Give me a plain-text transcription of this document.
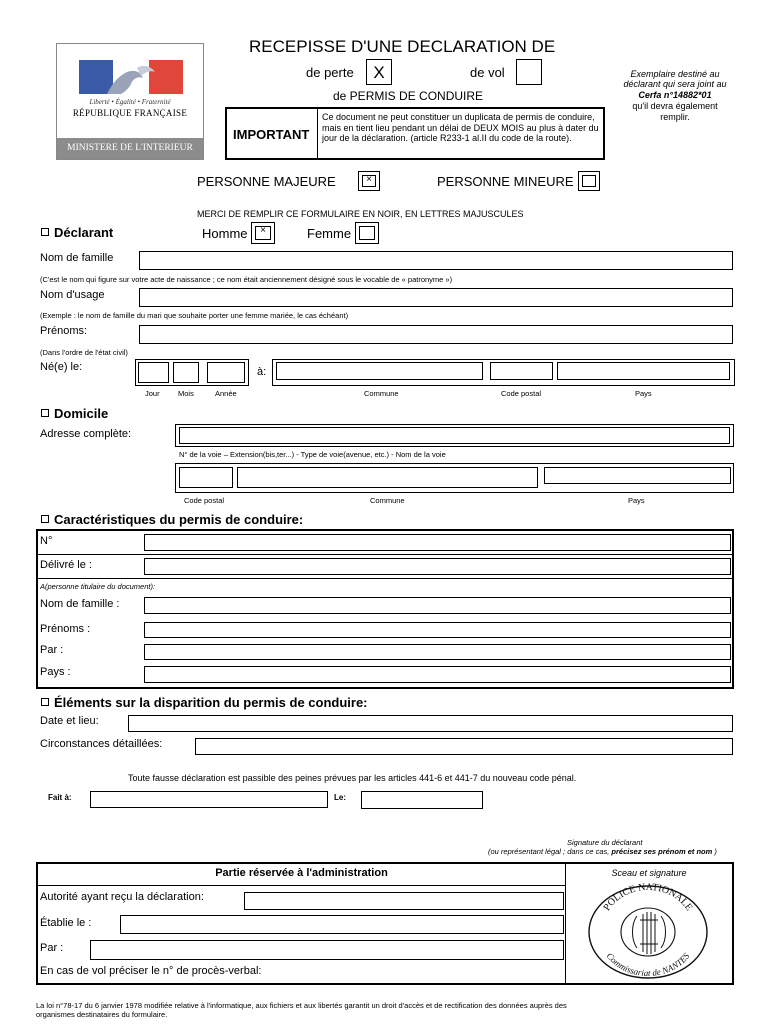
Liberté • Égalité • Fraternité
RÉPUBLIQUE FRANÇAISE
MINISTERE DE L'INTERIEUR
RECEPISSE D'UNE DECLARATION DE
de perte	X	de vol
de PERMIS DE CONDUIRE
IMPORTANT
Ce document ne peut constituer un duplicata de permis de conduire, mais en tient lieu pendant un délai de DEUX MOIS au plus à dater du jour de la déclaration. (article R233-1 al.II du code de la route).
Exemplaire destiné au
déclarant qui sera joint au
Cerfa n°14882*01
qu'il devra également
remplir.
PERSONNE MAJEURE	×	PERSONNE MINEURE
MERCI DE REMPLIR CE FORMULAIRE EN NOIR, EN LETTRES MAJUSCULES
Déclarant	Homme	×	Femme
Nom de famille
(C'est le nom qui figure sur votre acte de naissance ; ce nom était anciennement désigné sous le vocable de « patronyme »)
Nom d'usage
(Exemple : le nom de famille du mari que souhaite porter une femme mariée, le cas échéant)
Prénoms:
(Dans l'ordre de l'état civil)
Né(e) le:	à:
Jour Mois	Année	Commune	Code postal	Pays
Domicile
Adresse complète:
N° de la voie – Extension(bis,ter...) - Type de voie(avenue, etc.) - Nom de la voie
Code postal	Commune	Pays
Caractéristiques du permis de conduire:
N°
Délivré le :
A(personne titulaire du document):
Nom de famille :
Prénoms :
Par :
Pays :
Éléments sur la disparition du permis de conduire:
Date et lieu:
Circonstances détaillées:
Toute fausse déclaration est passible des peines prévues par les articles 441-6 et 441-7 du nouveau code pénal.
Fait à:	Le:
Signature du déclarant
(ou représentant légal ; dans ce cas, précisez ses prénom et nom )
Partie réservée à l'administration	Sceau et signature
Autorité ayant reçu la déclaration:
Établie le :
Par :
En cas de vol préciser le n° de procès-verbal:
POLICE NATIONALE
Commissariat de NANTES
La loi n°78-17 du 6 janvier 1978 modifiée relative à l'informatique, aux fichiers et aux libertés garantit un droit d'accès et de rectification des données auprès des
organismes destinataires du formulaire.
